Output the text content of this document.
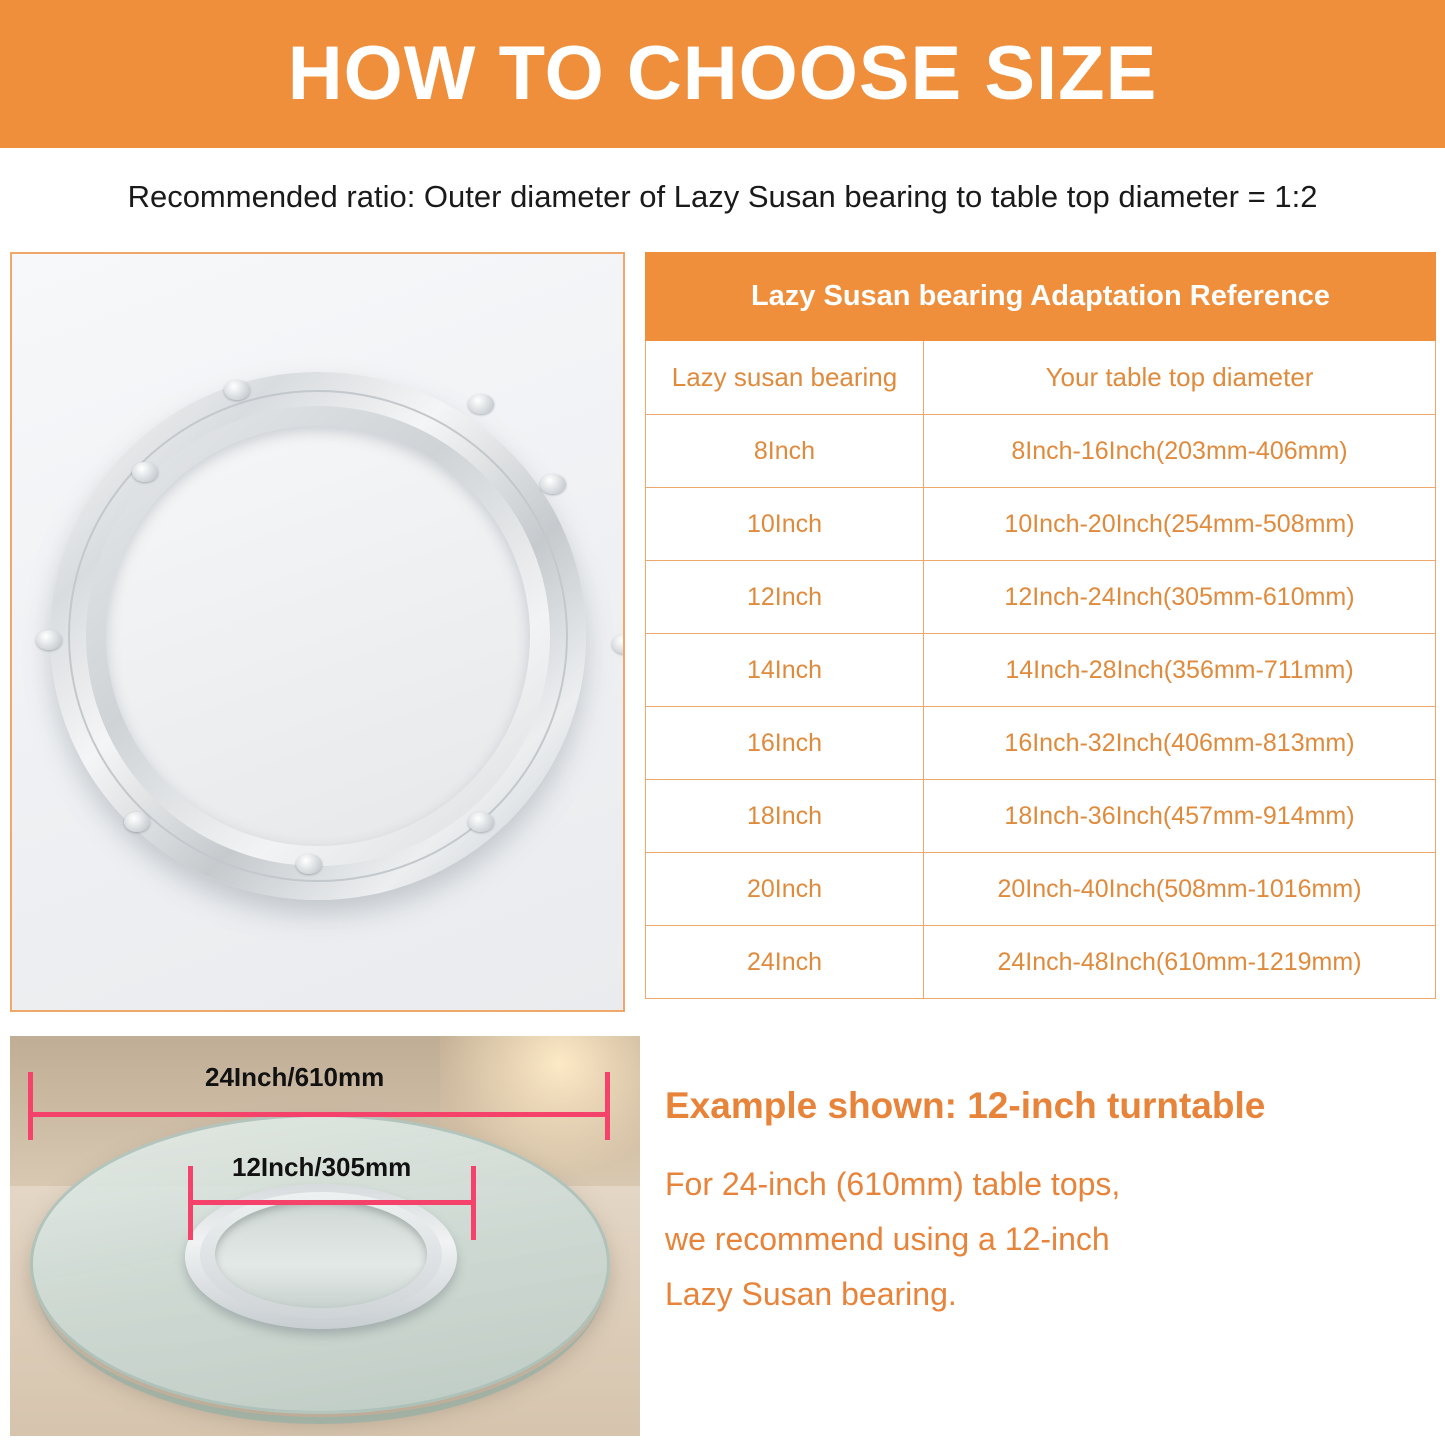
HOW TO CHOOSE SIZE
Recommended ratio: Outer diameter of Lazy Susan bearing to table top diameter = 1:2
Lazy Susan bearing Adaptation Reference	
Lazy susan bearing	Your table top diameter
8Inch	8Inch-16Inch(203mm-406mm)
10Inch	10Inch-20Inch(254mm-508mm)
12Inch	12Inch-24Inch(305mm-610mm)
14Inch	14Inch-28Inch(356mm-711mm)
16Inch	16Inch-32Inch(406mm-813mm)
18Inch	18Inch-36Inch(457mm-914mm)
20Inch	20Inch-40Inch(508mm-1016mm)
24Inch	24Inch-48Inch(610mm-1219mm)
24Inch/610mm
12Inch/305mm
Example shown: 12-inch turntable
For 24-inch (610mm) table tops,
we recommend using a 12-inch
Lazy Susan bearing.
